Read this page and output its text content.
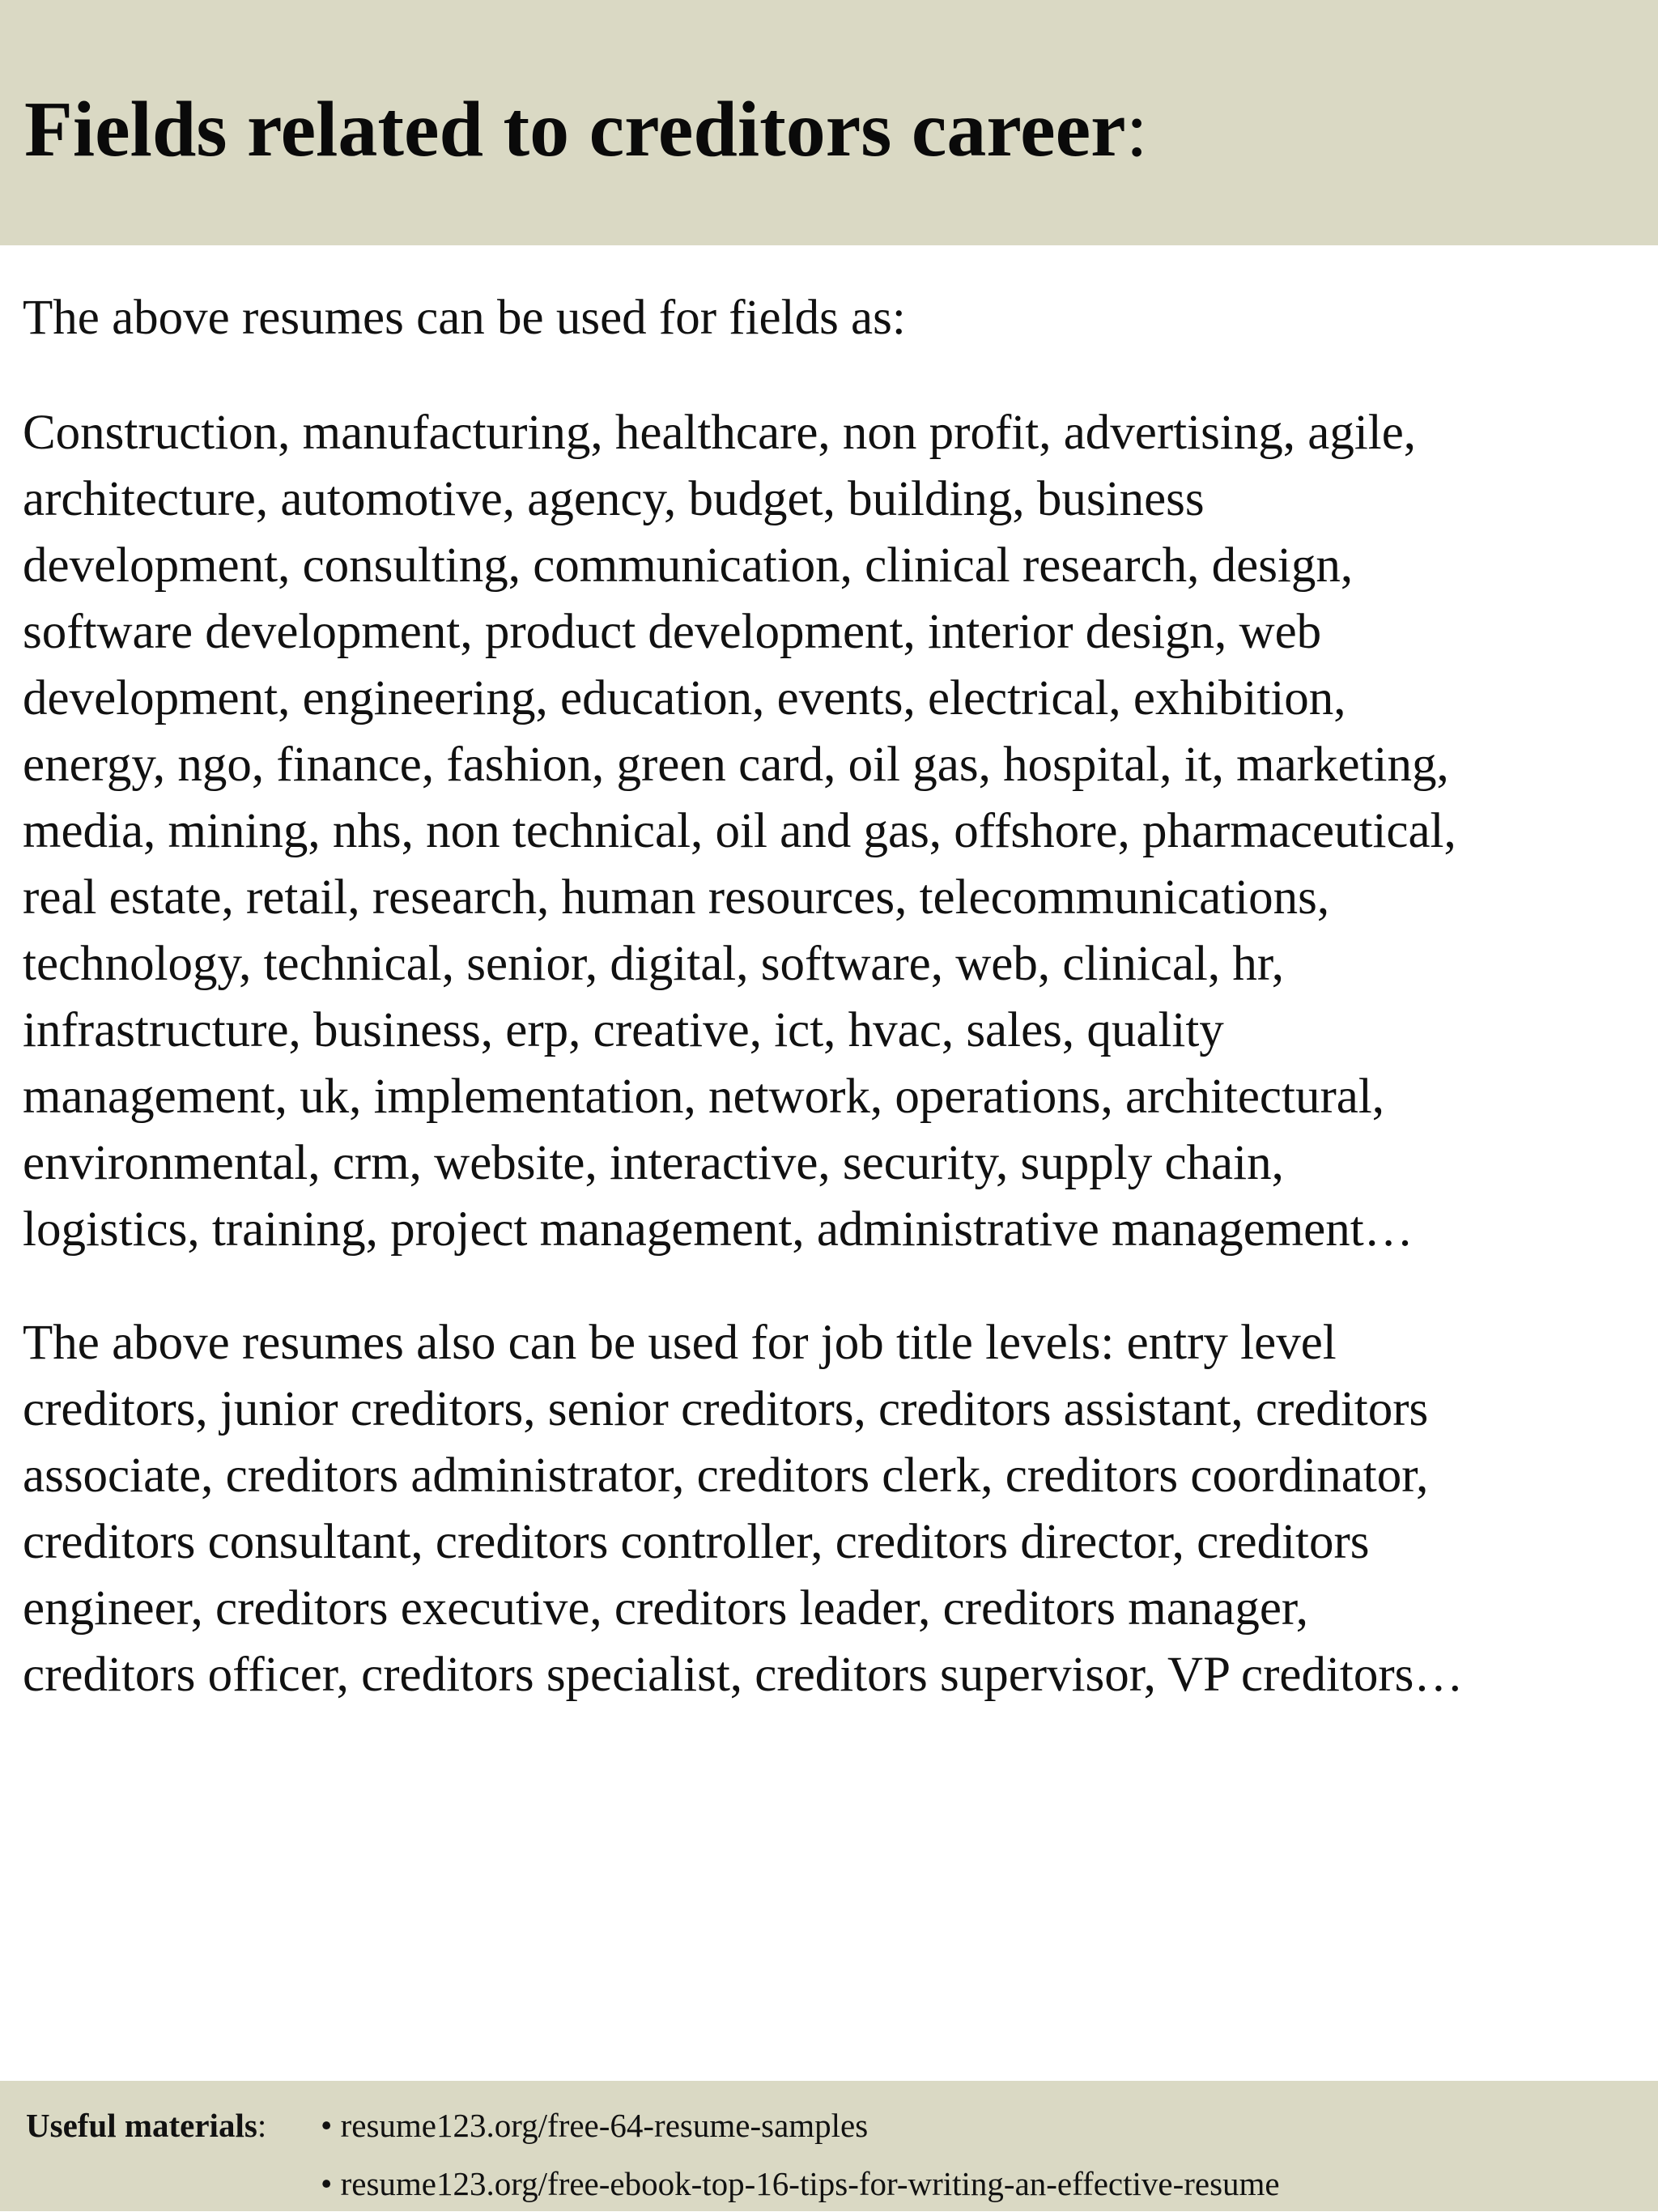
Fields related to creditors career:

The above resumes can be used for fields as:

Construction, manufacturing, healthcare, non profit, advertising, agile,

architecture, automotive, agency, budget, building, business

development, consulting, communication, clinical research, design,

software development, product development, interior design, web

development, engineering, education, events, electrical, exhibition,

energy, ngo, finance, fashion, green card, oil gas, hospital, it, marketing,

media, mining, nhs, non technical, oil and gas, offshore, pharmaceutical,

real estate, retail, research, human resources, telecommunications,

technology, technical, senior, digital, software, web, clinical, hr,

infrastructure, business, erp, creative, ict, hvac, sales, quality

management, uk, implementation, network, operations, architectural,

environmental, crm, website, interactive, security, supply chain,

logistics, training, project management, administrative management…

The above resumes also can be used for job title levels: entry level

creditors, junior creditors, senior creditors, creditors assistant, creditors

associate, creditors administrator, creditors clerk, creditors coordinator,

creditors consultant, creditors controller, creditors director, creditors

engineer, creditors executive, creditors leader, creditors manager,

creditors officer, creditors specialist, creditors supervisor, VP creditors…

Useful materials: • resume123.org/free-64-resume-samples
• resume123.org/free-ebook-top-16-tips-for-writing-an-effective-resume
